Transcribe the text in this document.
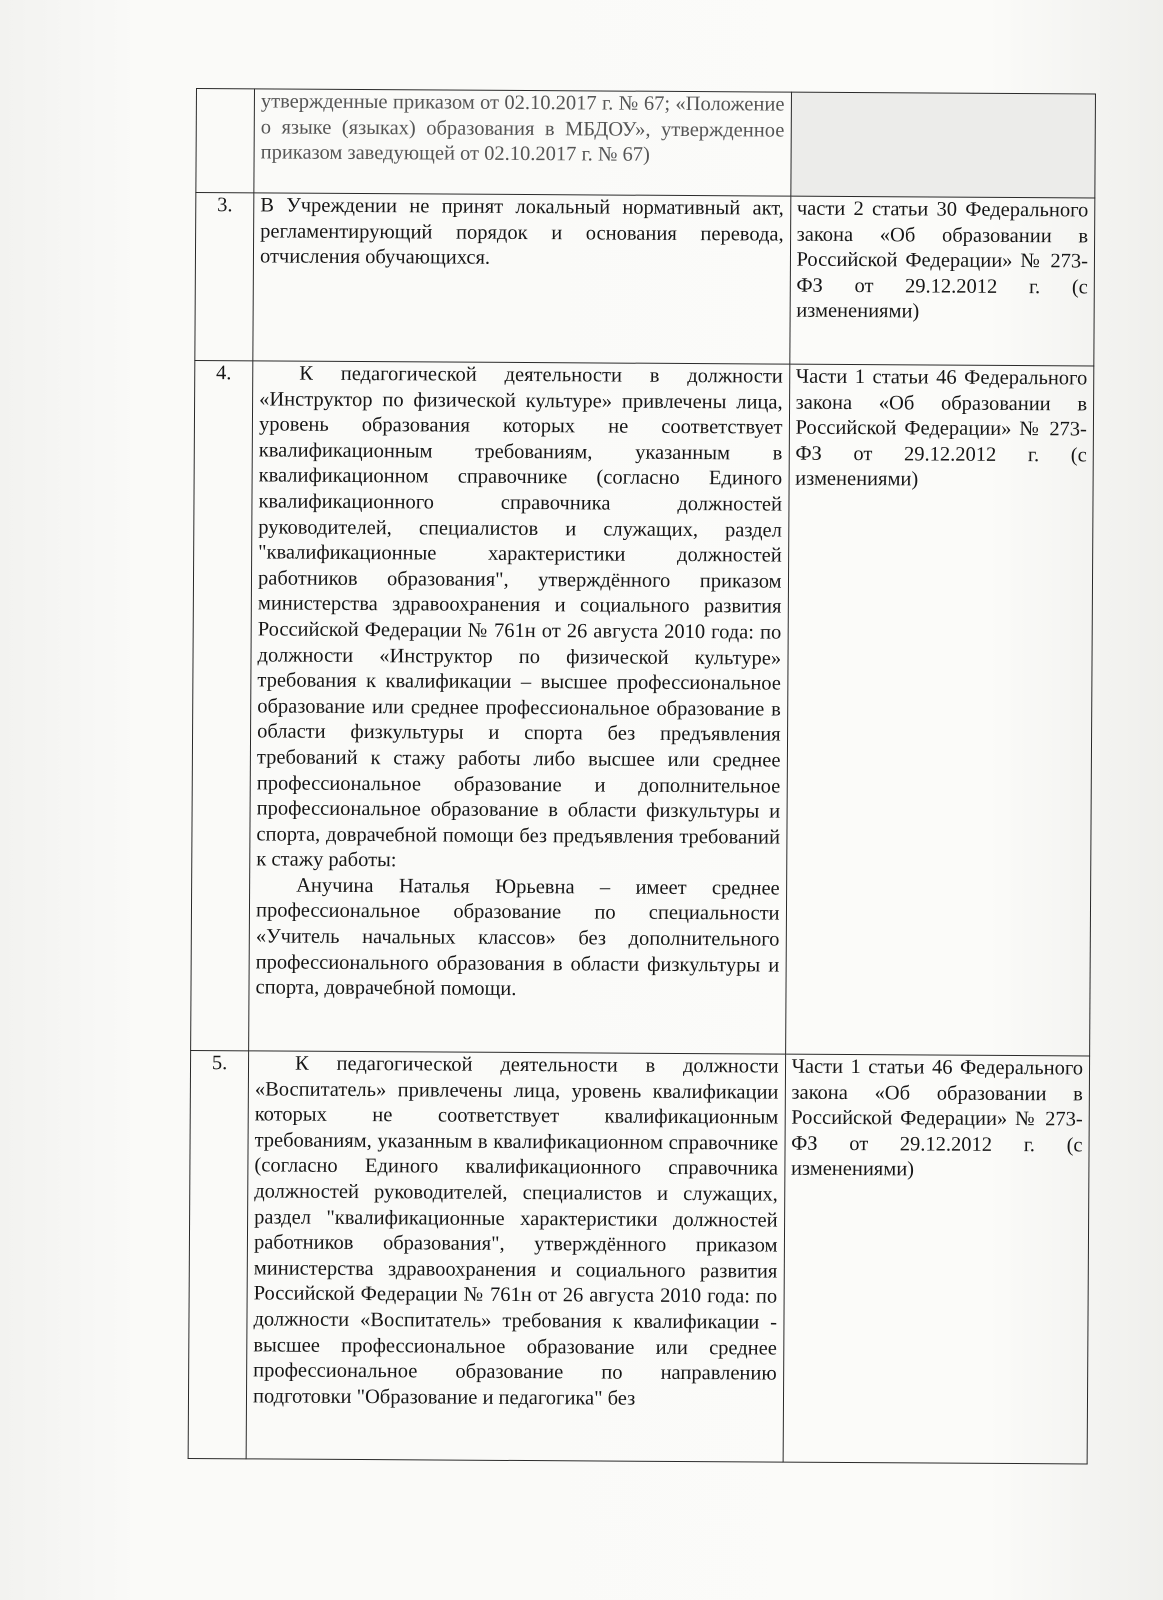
	утвержденные приказом от 02.10.2017 г. № 67; «Положение о языке (языках) образования в МБДОУ», утвержденное приказом заведующей от 02.10.2017 г. № 67)	

3.	В Учреждении не принят локальный нормативный акт, регламентирующий порядок и основания перевода, отчисления обучающихся.	части 2 статьи 30 Федерального закона «Об образовании в Российской Федерации» № 273-ФЗ от 29.12.2012 г. (с изменениями)
4.	К педагогической деятельности в должности «Инструктор по физической культуре» привлечены лица, уровень образования которых не соответствует квалификационным требованиям, указанным в квалификационном справочнике (согласно Единого квалификационного справочника должностей руководителей, специалистов и служащих, раздел "квалификационные характеристики должностей работников образования", утверждённого приказом министерства здравоохранения и социального развития Российской Федерации № 761н от 26 августа 2010 года: по должности «Инструктор по физической культуре» требования к квалификации – высшее профессиональное образование или среднее профессиональное образование в области физкультуры и спорта без предъявления требований к стажу работы либо высшее или среднее профессиональное образование и дополнительное профессиональное образование в области физкультуры и спорта, доврачебной помощи без предъявления требований к стажу работы:

Анучина Наталья Юрьевна – имеет среднее профессиональное образование по специальности «Учитель начальных классов» без дополнительного профессионального образования в области физкультуры и спорта, доврачебной помощи.	Части 1 статьи 46 Федерального закона «Об образовании в Российской Федерации» № 273-ФЗ от 29.12.2012 г. (с изменениями)
5.	К педагогической деятельности в должности «Воспитатель» привлечены лица, уровень квалификации которых не соответствует квалификационным требованиям, указанным в квалификационном справочнике (согласно Единого квалификационного справочника должностей руководителей, специалистов и служащих, раздел "квалификационные характеристики должностей работников образования", утверждённого приказом министерства здравоохранения и социального развития Российской Федерации № 761н от 26 августа 2010 года: по должности «Воспитатель» требования к квалификации - высшее профессиональное образование или среднее профессиональное образование по направлению подготовки "Образование и педагогика" без	Части 1 статьи 46 Федерального закона «Об образовании в Российской Федерации» № 273-ФЗ от 29.12.2012 г. (с изменениями)
